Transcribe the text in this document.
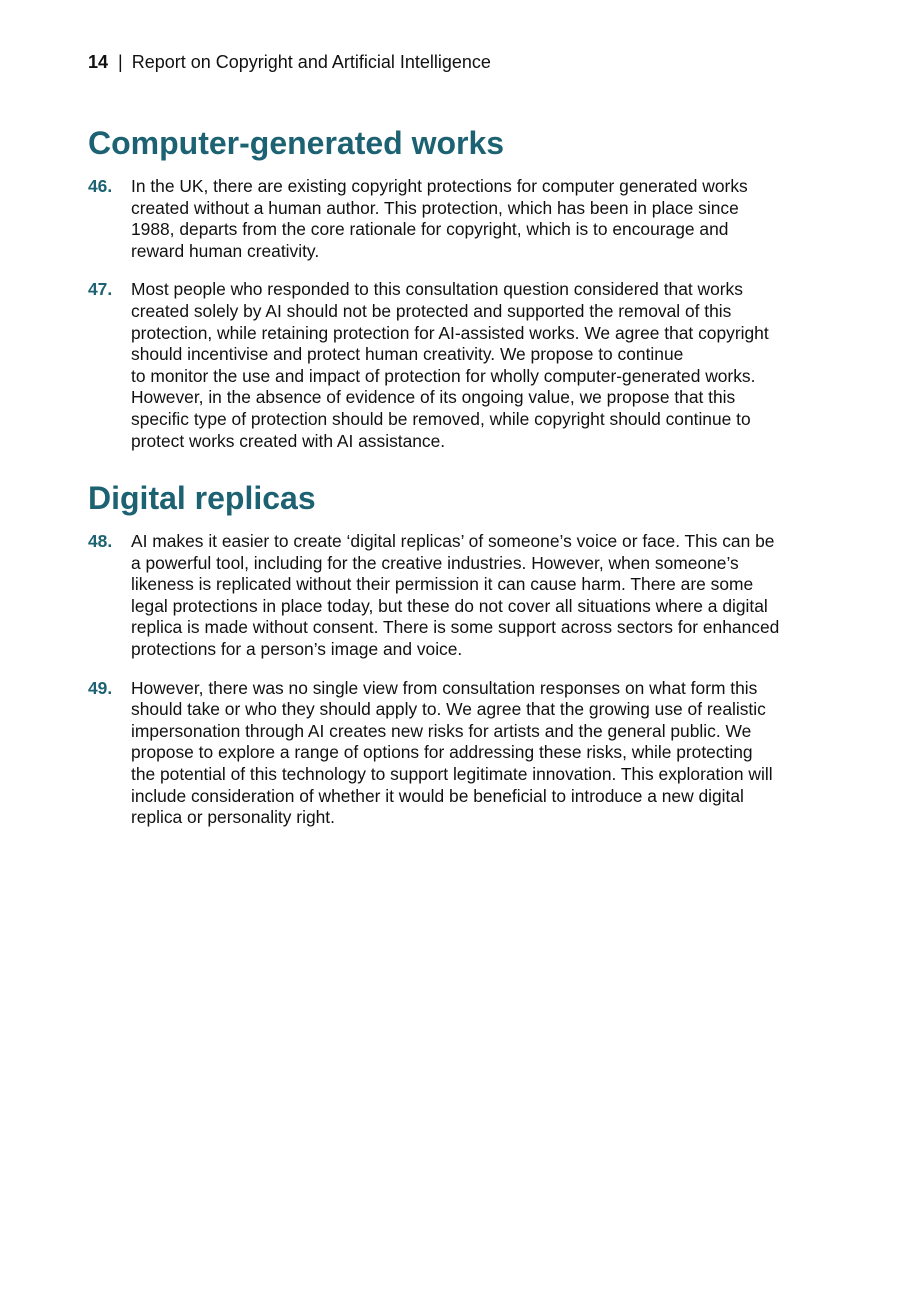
14 | Report on Copyright and Artificial Intelligence
Computer-generated works
46.	In the UK, there are existing copyright protections for computer generated works
created without a human author. This protection, which has been in place since
1988, departs from the core rationale for copyright, which is to encourage and
reward human creativity.
47.	Most people who responded to this consultation question considered that works
created solely by AI should not be protected and supported the removal of this
protection, while retaining protection for AI-assisted works. We agree that copyright
should incentivise and protect human creativity. We propose to continue
to monitor the use and impact of protection for wholly computer-generated works.
However, in the absence of evidence of its ongoing value, we propose that this
specific type of protection should be removed, while copyright should continue to
protect works created with AI assistance.
Digital replicas
48.	AI makes it easier to create ‘digital replicas’ of someone’s voice or face. This can be
a powerful tool, including for the creative industries. However, when someone’s
likeness is replicated without their permission it can cause harm. There are some
legal protections in place today, but these do not cover all situations where a digital
replica is made without consent. There is some support across sectors for enhanced
protections for a person’s image and voice.
49.	However, there was no single view from consultation responses on what form this
should take or who they should apply to. We agree that the growing use of realistic
impersonation through AI creates new risks for artists and the general public. We
propose to explore a range of options for addressing these risks, while protecting
the potential of this technology to support legitimate innovation. This exploration will
include consideration of whether it would be beneficial to introduce a new digital
replica or personality right.
